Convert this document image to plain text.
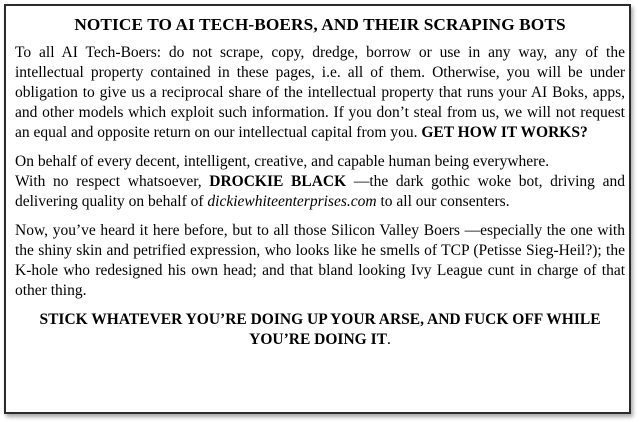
NOTICE TO AI TECH-BOERS, AND THEIR SCRAPING BOTS

To all AI Tech-Boers: do not scrape, copy, dredge, borrow or use in any way, any of the intellectual property contained in these pages, i.e. all of them. Otherwise, you will be under obligation to give us a reciprocal share of the intellectual property that runs your AI Boks, apps, and other models which exploit such information. If you don’t steal from us, we will not request an equal and opposite return on our intellectual capital from you. GET HOW IT WORKS?

On behalf of every decent, intelligent, creative, and capable human being everywhere.
With no respect whatsoever, DROCKIE BLACK —the dark gothic woke bot, driving and delivering quality on behalf of dickiewhiteenterprises.com to all our consenters.

Now, you’ve heard it here before, but to all those Silicon Valley Boers —especially the one with the shiny skin and petrified expression, who looks like he smells of TCP (Petisse Sieg-Heil?); the K-hole who redesigned his own head; and that bland looking Ivy League cunt in charge of that other thing.

STICK WHATEVER YOU’RE DOING UP YOUR ARSE, AND FUCK OFF WHILE YOU’RE DOING IT.
